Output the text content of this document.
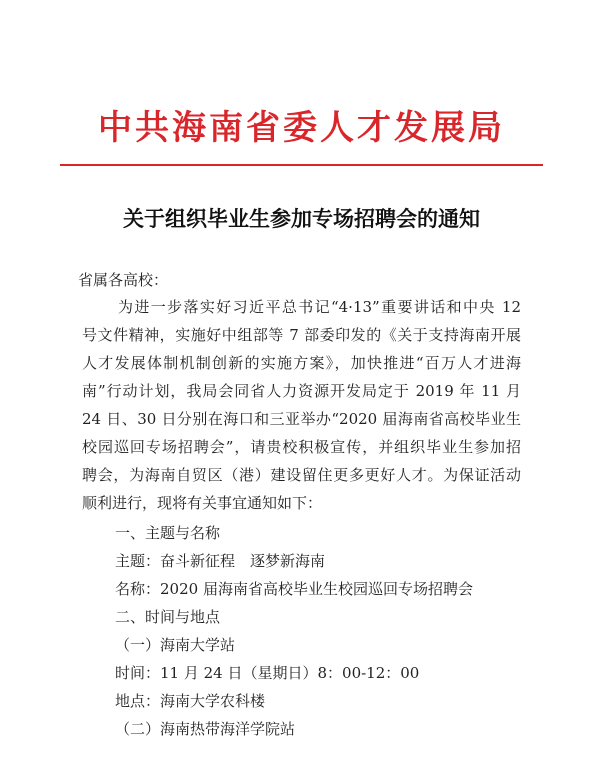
中共海南省委人才发展局
关于组织毕业生参加专场招聘会的通知
省属各高校：
为进一步落实好习近平总书记“4·13”重要讲话和中央 12
号文件精神，实施好中组部等 7 部委印发的《关于支持海南开展
人才发展体制机制创新的实施方案》，加快推进“百万人才进海
南”行动计划，我局会同省人力资源开发局定于 2019 年 11 月
24 日、30 日分别在海口和三亚举办“2020 届海南省高校毕业生
校园巡回专场招聘会”，请贵校积极宣传，并组织毕业生参加招
聘会，为海南自贸区（港）建设留住更多更好人才。为保证活动
顺利进行，现将有关事宜通知如下：
一、主题与名称
主题：奋斗新征程　逐梦新海南
名称：2020 届海南省高校毕业生校园巡回专场招聘会
二、时间与地点
（一）海南大学站
时间：11 月 24 日（星期日）8：00-12：00
地点：海南大学农科楼
（二）海南热带海洋学院站
